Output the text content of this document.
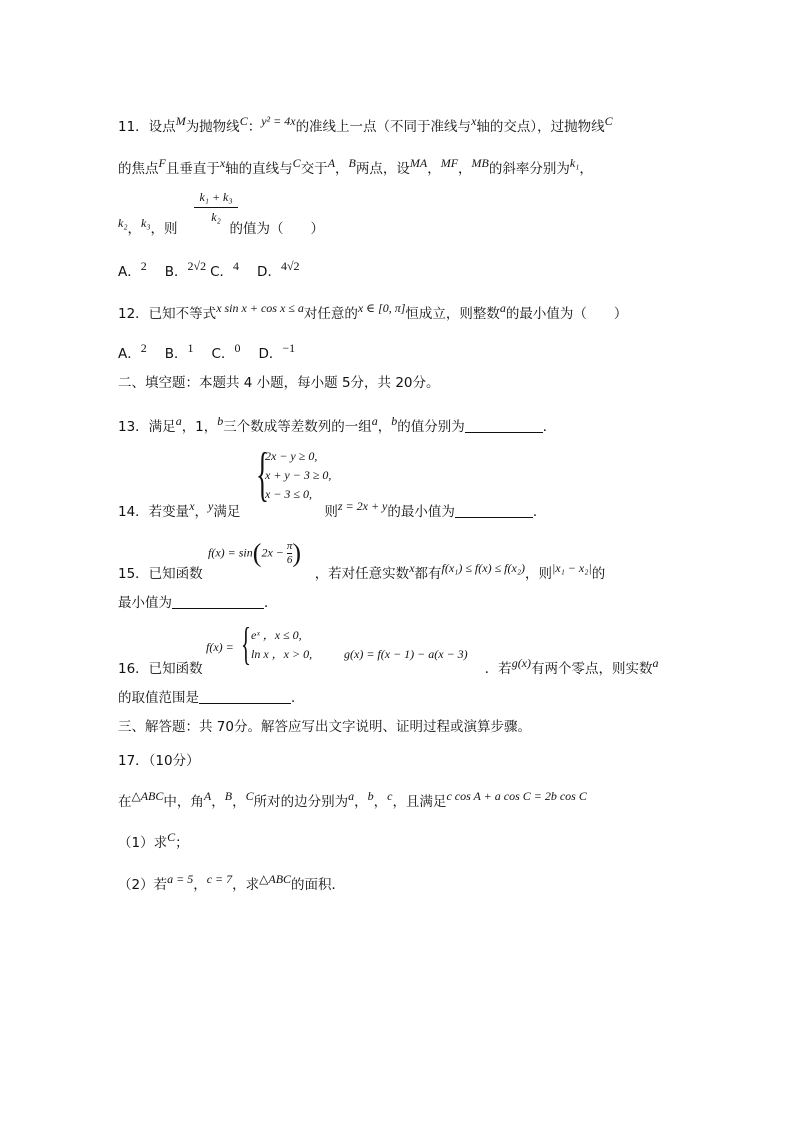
11．设点M为抛物线C：y² = 4x的准线上一点（不同于准线与x轴的交点），过抛物线C
的焦点F且垂直于x轴的直线与C交于A，B两点，设MA，MF，MB的斜率分别为k₁，
k₁ + k₃
k₂
k₂，k₃，则	的值为（　　）
A．2 B．2√2 C．4 D．4√2
12．已知不等式x sin x + cos x ≤ a对任意的x ∈ [0, π]恒成立，则整数a的最小值为（　　）
A．2 B．1 C．0 D．−1
二、填空题：本题共 4 小题，每小题 5分，共 20分。
13．满足a，1，b三个数成等差数列的一组a，b的值分别为	．
{
2x − y ≥ 0,
x + y − 3 ≥ 0,
x − 3 ≤ 0,
14．若变量x，y满足	则z = 2x + y的最小值为	．
$f(x) = \sin(2x - \frac{\pi}{6}$ )
15．已知函数	，若对任意实数x都有f(x₁) ≤ f(x) ≤ f(x₂)，则|x₁ − x₂|的
最小值为	．
f(x) = { eˣ ，x ≤ 0,
ln x ，x > 0,	g(x) = f(x − 1) − a(x − 3)
16．已知函数	．若g(x)有两个零点，则实数a
的取值范围是	．
三、解答题：共 70分。解答应写出文字说明、证明过程或演算步骤。
17．（10分）
在△ABC中，角A，B，C所对的边分别为a，b，c，且满足c cos A + a cos C = 2b cos C
（1）求C；
（2）若a = 5，c = 7，求△ABC的面积．
